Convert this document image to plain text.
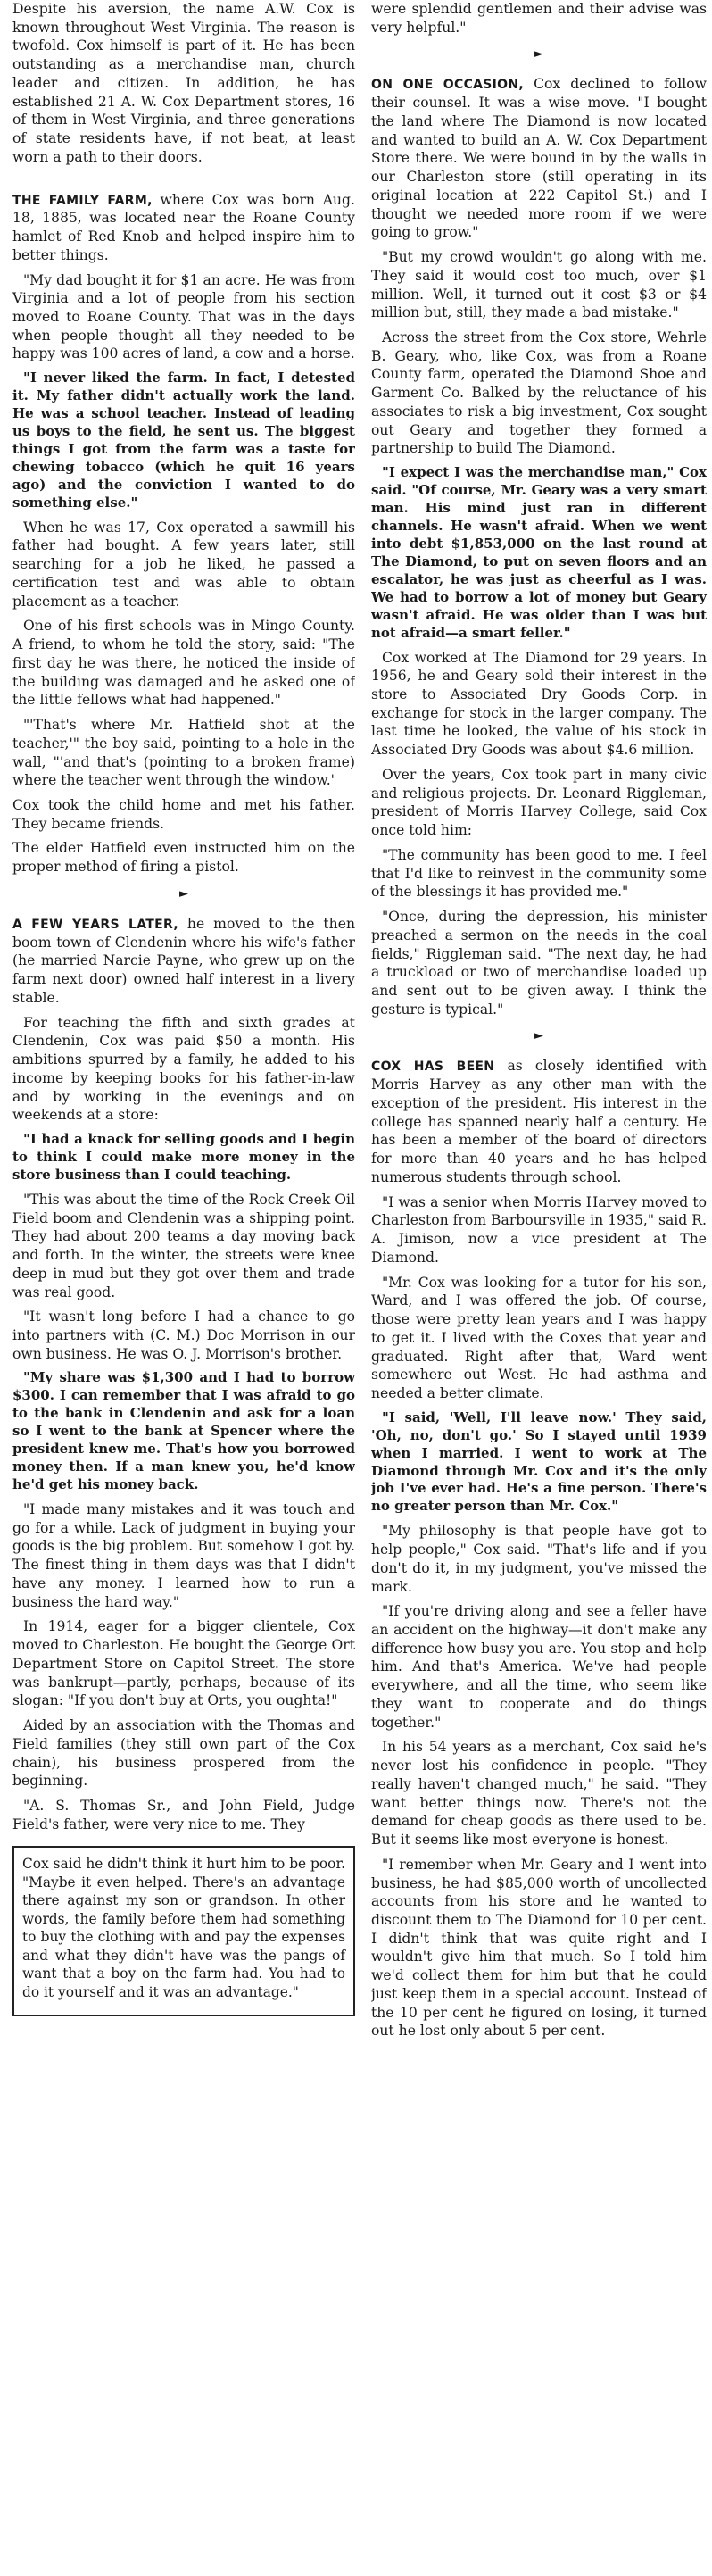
Despite his aversion, the name A.W. Cox is known throughout West Virginia. The reason is twofold. Cox himself is part of it. He has been outstanding as a merchandise man, church leader and citizen. In addition, he has established 21 A. W. Cox Department stores, 16 of them in West Virginia, and three generations of state residents have, if not beat, at least worn a path to their doors.

THE FAMILY FARM, where Cox was born Aug. 18, 1885, was located near the Roane County hamlet of Red Knob and helped inspire him to better things.

"My dad bought it for $1 an acre. He was from Virginia and a lot of people from his section moved to Roane County. That was in the days when people thought all they needed to be happy was 100 acres of land, a cow and a horse.

"I never liked the farm. In fact, I detested it. My father didn't actually work the land. He was a school teacher. Instead of leading us boys to the field, he sent us. The biggest things I got from the farm was a taste for chewing tobacco (which he quit 16 years ago) and the conviction I wanted to do something else."

When he was 17, Cox operated a sawmill his father had bought. A few years later, still searching for a job he liked, he passed a certification test and was able to obtain placement as a teacher.

One of his first schools was in Mingo County. A friend, to whom he told the story, said: "The first day he was there, he noticed the inside of the building was damaged and he asked one of the little fellows what had happened."

"'That's where Mr. Hatfield shot at the teacher,'" the boy said, pointing to a hole in the wall, "'and that's (pointing to a broken frame) where the teacher went through the window.'

Cox took the child home and met his father. They became friends.

The elder Hatfield even instructed him on the proper method of firing a pistol.

►

A FEW YEARS LATER, he moved to the then boom town of Clendenin where his wife's father (he married Narcie Payne, who grew up on the farm next door) owned half interest in a livery stable.

For teaching the fifth and sixth grades at Clendenin, Cox was paid $50 a month. His ambitions spurred by a family, he added to his income by keeping books for his father-in-law and by working in the evenings and on weekends at a store:

"I had a knack for selling goods and I begin to think I could make more money in the store business than I could teaching.

"This was about the time of the Rock Creek Oil Field boom and Clendenin was a shipping point. They had about 200 teams a day moving back and forth. In the winter, the streets were knee deep in mud but they got over them and trade was real good.

"It wasn't long before I had a chance to go into partners with (C. M.) Doc Morrison in our own business. He was O. J. Morrison's brother.

"My share was $1,300 and I had to borrow $300. I can remember that I was afraid to go to the bank in Clendenin and ask for a loan so I went to the bank at Spencer where the president knew me. That's how you borrowed money then. If a man knew you, he'd know he'd get his money back.

"I made many mistakes and it was touch and go for a while. Lack of judgment in buying your goods is the big problem. But somehow I got by. The finest thing in them days was that I didn't have any money. I learned how to run a business the hard way."

In 1914, eager for a bigger clientele, Cox moved to Charleston. He bought the George Ort Department Store on Capitol Street. The store was bankrupt—partly, perhaps, because of its slogan: "If you don't buy at Orts, you oughta!"

Aided by an association with the Thomas and Field families (they still own part of the Cox chain), his business prospered from the beginning.

"A. S. Thomas Sr., and John Field, Judge Field's father, were very nice to me. They

Cox said he didn't think it hurt him to be poor. "Maybe it even helped. There's an advantage there against my son or grandson. In other words, the family before them had something to buy the clothing with and pay the expenses and what they didn't have was the pangs of want that a boy on the farm had. You had to do it yourself and it was an advantage."

were splendid gentlemen and their advise was very helpful."

►

ON ONE OCCASION, Cox declined to follow their counsel. It was a wise move. "I bought the land where The Diamond is now located and wanted to build an A. W. Cox Department Store there. We were bound in by the walls in our Charleston store (still operating in its original location at 222 Capitol St.) and I thought we needed more room if we were going to grow."

"But my crowd wouldn't go along with me. They said it would cost too much, over $1 million. Well, it turned out it cost $3 or $4 million but, still, they made a bad mistake."

Across the street from the Cox store, Wehrle B. Geary, who, like Cox, was from a Roane County farm, operated the Diamond Shoe and Garment Co. Balked by the reluctance of his associates to risk a big investment, Cox sought out Geary and together they formed a partnership to build The Diamond.

"I expect I was the merchandise man," Cox said. "Of course, Mr. Geary was a very smart man. His mind just ran in different channels. He wasn't afraid. When we went into debt $1,853,000 on the last round at The Diamond, to put on seven floors and an escalator, he was just as cheerful as I was. We had to borrow a lot of money but Geary wasn't afraid. He was older than I was but not afraid—a smart feller."

Cox worked at The Diamond for 29 years. In 1956, he and Geary sold their interest in the store to Associated Dry Goods Corp. in exchange for stock in the larger company. The last time he looked, the value of his stock in Associated Dry Goods was about $4.6 million.

Over the years, Cox took part in many civic and religious projects. Dr. Leonard Riggleman, president of Morris Harvey College, said Cox once told him:

"The community has been good to me. I feel that I'd like to reinvest in the community some of the blessings it has provided me."

"Once, during the depression, his minister preached a sermon on the needs in the coal fields," Riggleman said. "The next day, he had a truckload or two of merchandise loaded up and sent out to be given away. I think the gesture is typical."

►

COX HAS BEEN as closely identified with Morris Harvey as any other man with the exception of the president. His interest in the college has spanned nearly half a century. He has been a member of the board of directors for more than 40 years and he has helped numerous students through school.

"I was a senior when Morris Harvey moved to Charleston from Barboursville in 1935," said R. A. Jimison, now a vice president at The Diamond.

"Mr. Cox was looking for a tutor for his son, Ward, and I was offered the job. Of course, those were pretty lean years and I was happy to get it. I lived with the Coxes that year and graduated. Right after that, Ward went somewhere out West. He had asthma and needed a better climate.

"I said, 'Well, I'll leave now.' They said, 'Oh, no, don't go.' So I stayed until 1939 when I married. I went to work at The Diamond through Mr. Cox and it's the only job I've ever had. He's a fine person. There's no greater person than Mr. Cox."

"My philosophy is that people have got to help people," Cox said. "That's life and if you don't do it, in my judgment, you've missed the mark.

"If you're driving along and see a feller have an accident on the highway—it don't make any difference how busy you are. You stop and help him. And that's America. We've had people everywhere, and all the time, who seem like they want to cooperate and do things together."

In his 54 years as a merchant, Cox said he's never lost his confidence in people. "They really haven't changed much," he said. "They want better things now. There's not the demand for cheap goods as there used to be. But it seems like most everyone is honest.

"I remember when Mr. Geary and I went into business, he had $85,000 worth of uncollected accounts from his store and he wanted to discount them to The Diamond for 10 per cent. I didn't think that was quite right and I wouldn't give him that much. So I told him we'd collect them for him but that he could just keep them in a special account. Instead of the 10 per cent he figured on losing, it turned out he lost only about 5 per cent.
